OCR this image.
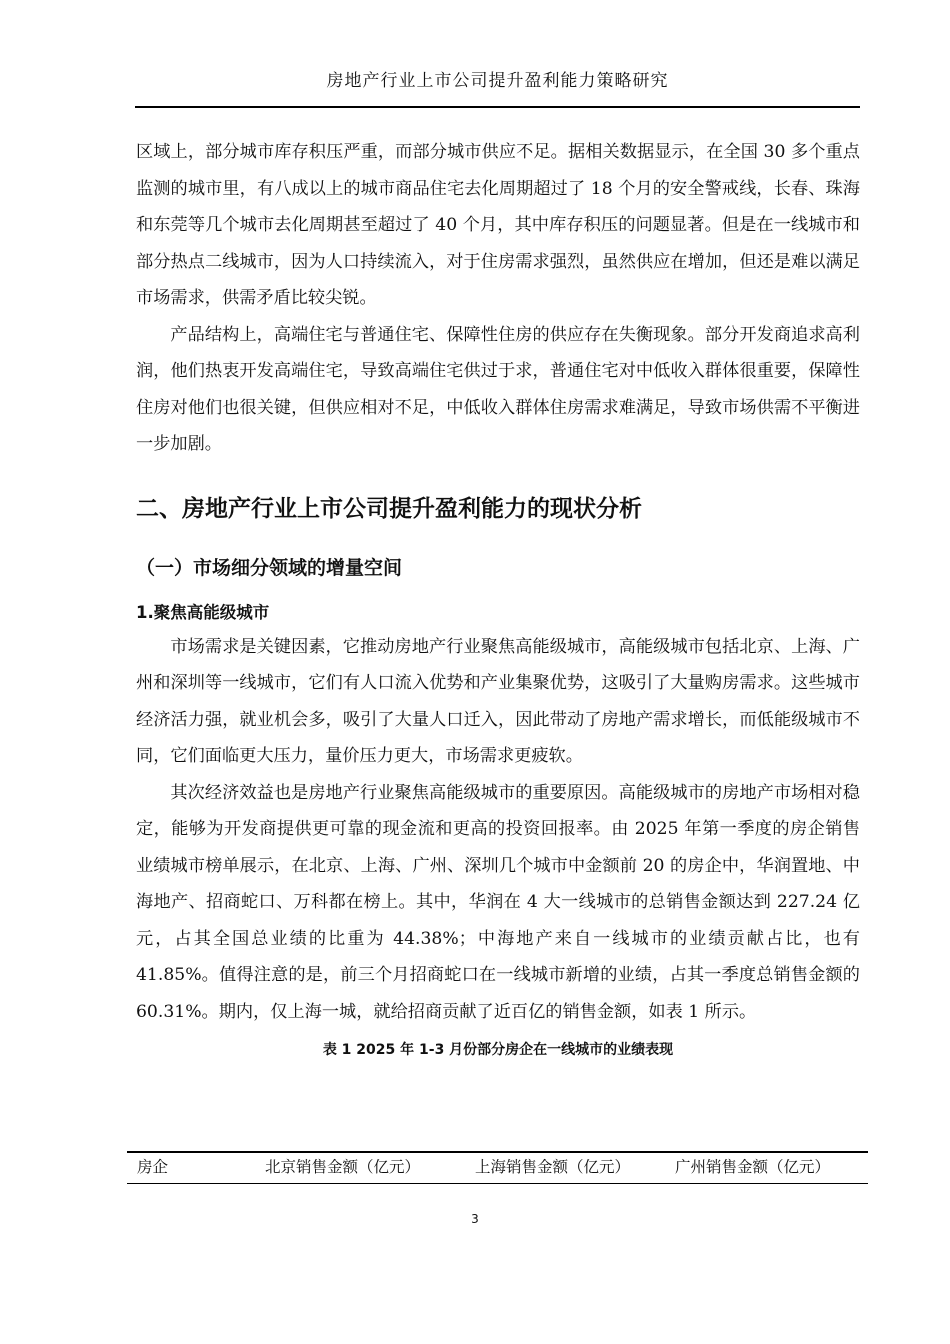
房地产行业上市公司提升盈利能力策略研究

区域上，部分城市库存积压严重，而部分城市供应不足。据相关数据显示，在全国 30 多个重点监测的城市里，有八成以上的城市商品住宅去化周期超过了 18 个月的安全警戒线，长春、珠海和东莞等几个城市去化周期甚至超过了 40 个月，其中库存积压的问题显著。但是在一线城市和部分热点二线城市，因为人口持续流入，对于住房需求强烈，虽然供应在增加，但还是难以满足市场需求，供需矛盾比较尖锐。

产品结构上，高端住宅与普通住宅、保障性住房的供应存在失衡现象。部分开发商追求高利润，他们热衷开发高端住宅，导致高端住宅供过于求，普通住宅对中低收入群体很重要，保障性住房对他们也很关键，但供应相对不足，中低收入群体住房需求难满足，导致市场供需不平衡进一步加剧。

二、房地产行业上市公司提升盈利能力的现状分析
（一）市场细分领域的增量空间
1.聚焦高能级城市

市场需求是关键因素，它推动房地产行业聚焦高能级城市，高能级城市包括北京、上海、广州和深圳等一线城市，它们有人口流入优势和产业集聚优势，这吸引了大量购房需求。这些城市经济活力强，就业机会多，吸引了大量人口迁入，因此带动了房地产需求增长，而低能级城市不同，它们面临更大压力，量价压力更大，市场需求更疲软。

其次经济效益也是房地产行业聚焦高能级城市的重要原因。高能级城市的房地产市场相对稳定，能够为开发商提供更可靠的现金流和更高的投资回报率。由 2025 年第一季度的房企销售业绩城市榜单展示，在北京、上海、广州、深圳几个城市中金额前 20 的房企中，华润置地、中海地产、招商蛇口、万科都在榜上。其中，华润在 4 大一线城市的总销售金额达到 227.24 亿元，占其全国总业绩的比重为 44.38%；中海地产来自一线城市的业绩贡献占比，也有 41.85%。值得注意的是，前三个月招商蛇口在一线城市新增的业绩，占其一季度总销售金额的 60.31%。期内，仅上海一城，就给招商贡献了近百亿的销售金额，如表 1 所示。

表 1 2025 年 1-3 月份部分房企在一线城市的业绩表现
房企	北京销售金额（亿元）	上海销售金额（亿元）	广州销售金额（亿元）
3
